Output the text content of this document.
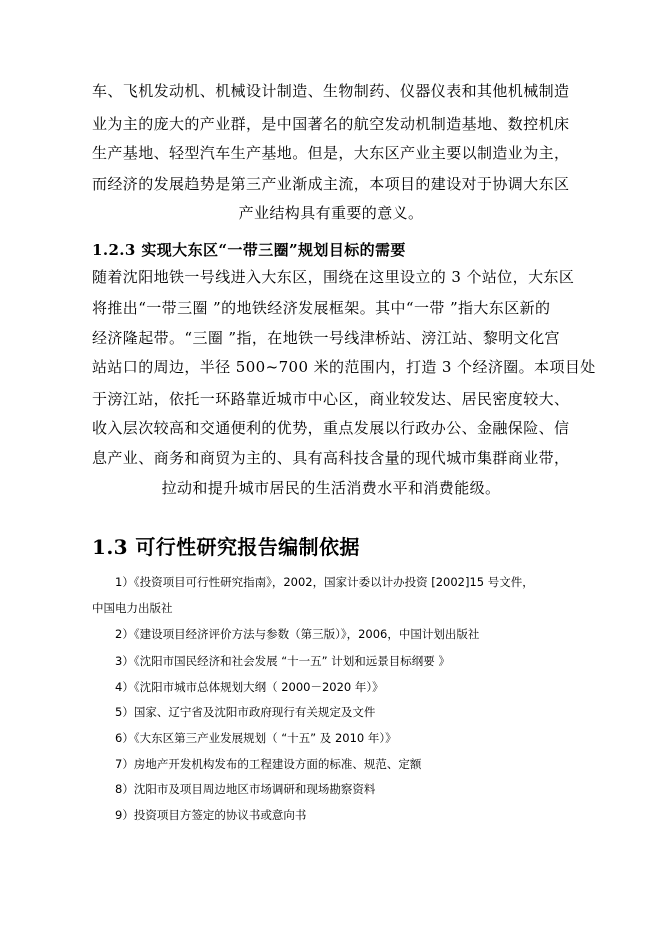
车、飞机发动机、机械设计制造、生物制药、仪器仪表和其他机械制造
业为主的庞大的产业群，是中国著名的航空发动机制造基地、数控机床
生产基地、轻型汽车生产基地。但是，大东区产业主要以制造业为主，
而经济的发展趋势是第三产业渐成主流，本项目的建设对于协调大东区
产业结构具有重要的意义。
1.2.3 实现大东区“一带三圈”规划目标的需要
随着沈阳地铁一号线进入大东区，围绕在这里设立的 3 个站位，大东区
将推出“一带三圈 ”的地铁经济发展框架。其中“一带 ”指大东区新的
经济隆起带。“三圈 ”指，在地铁一号线津桥站、滂江站、黎明文化宫
站站口的周边，半径 500~700 米的范围内，打造 3 个经济圈。本项目处
于滂江站，依托一环路靠近城市中心区，商业较发达、居民密度较大、
收入层次较高和交通便利的优势，重点发展以行政办公、金融保险、信
息产业、商务和商贸为主的、具有高科技含量的现代城市集群商业带，
拉动和提升城市居民的生活消费水平和消费能级。
1.3 可行性研究报告编制依据
1）《投资项目可行性研究指南》，2002，国家计委以计办投资 [2002]15 号文件，
中国电力出版社
2）《建设项目经济评价方法与参数（第三版）》，2006，中国计划出版社
3）《沈阳市国民经济和社会发展 “十一五” 计划和远景目标纲要 》
4）《沈阳市城市总体规划大纲（ 2000－2020 年）》
5）国家、辽宁省及沈阳市政府现行有关规定及文件
6）《大东区第三产业发展规划（ “十五” 及 2010 年）》
7）房地产开发机构发布的工程建设方面的标准、规范、定额
8）沈阳市及项目周边地区市场调研和现场勘察资料
9）投资项目方签定的协议书或意向书
